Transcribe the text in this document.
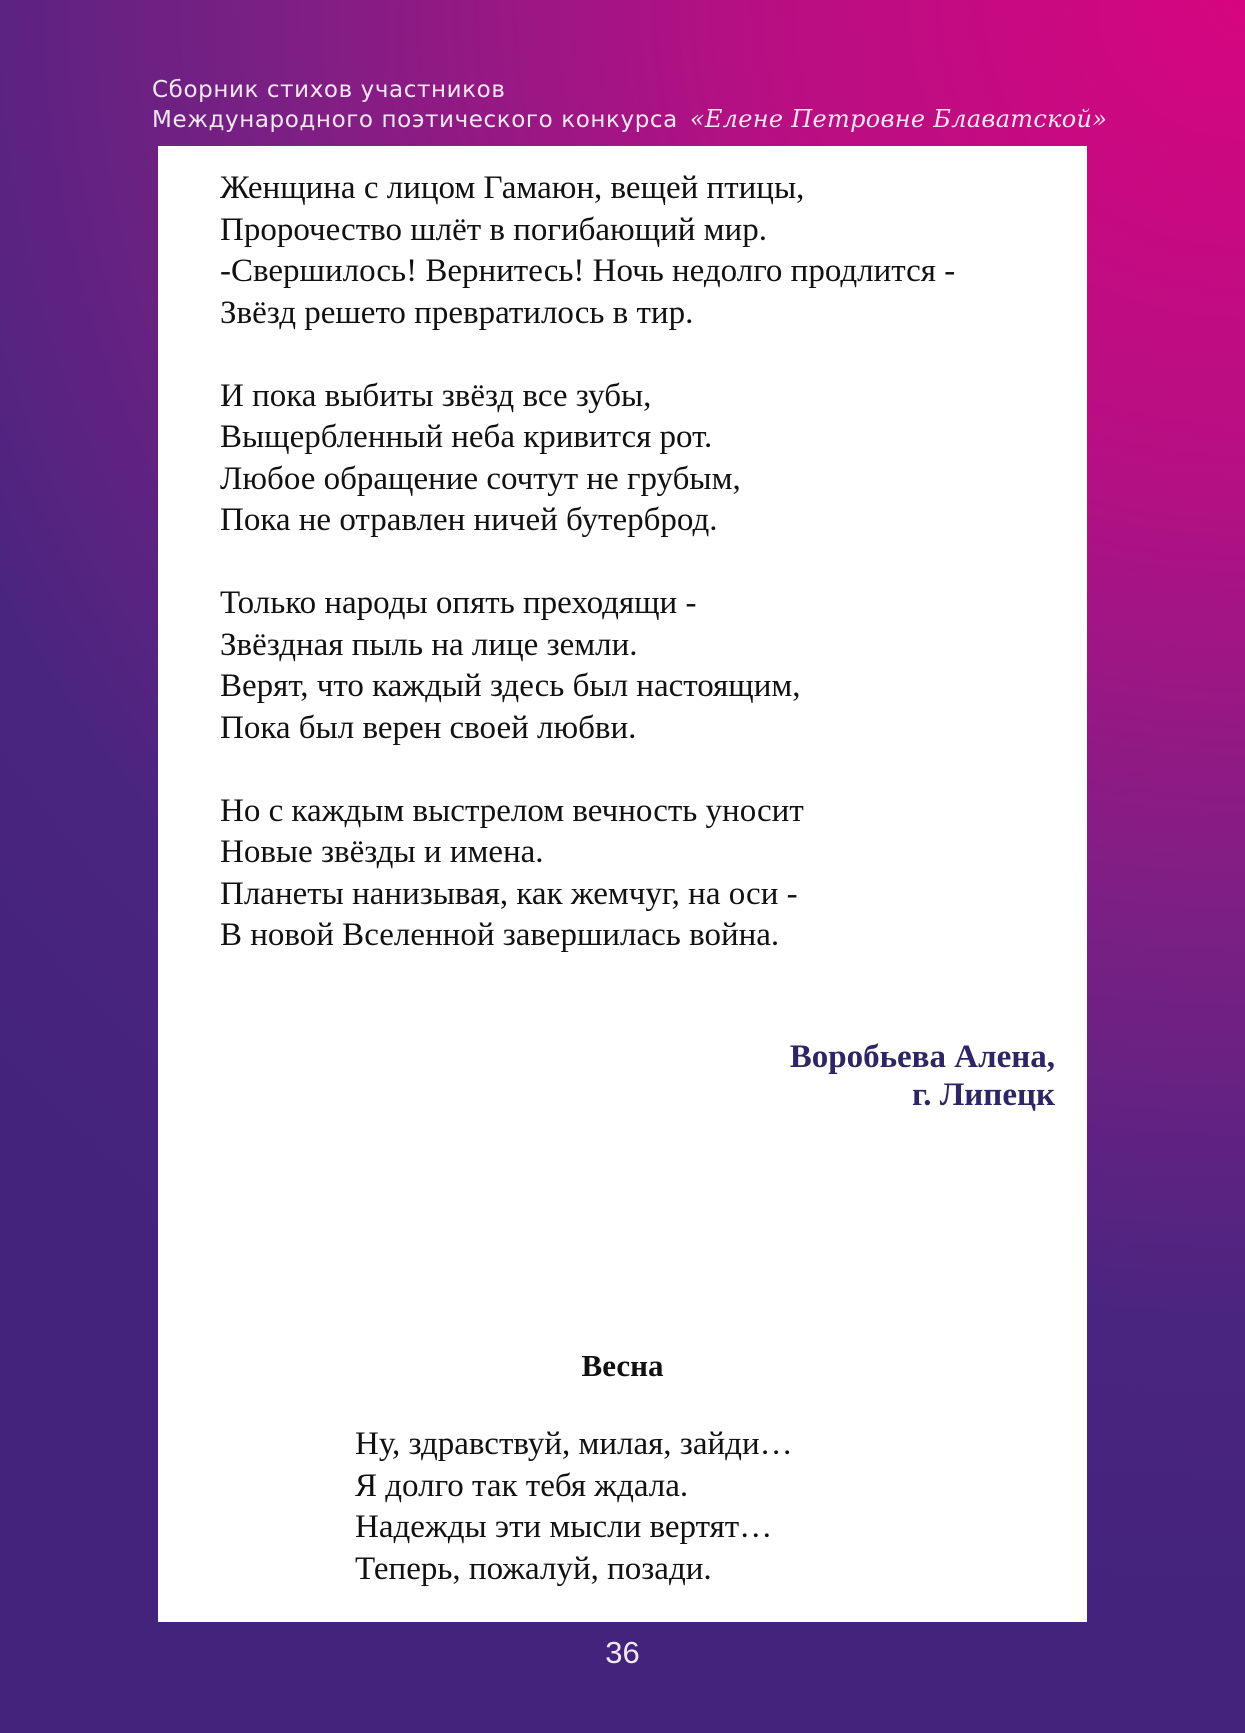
Сборник стихов участников
Международного поэтического конкурса «Елене Петровне Блаватской»
Женщина с лицом Гамаюн, вещей птицы,
Пророчество шлёт в погибающий мир.
-Свершилось! Вернитесь! Ночь недолго продлится -
Звёзд решето превратилось в тир.
И пока выбиты звёзд все зубы,
Выщербленный неба кривится рот.
Любое обращение сочтут не грубым,
Пока не отравлен ничей бутерброд.
Только народы опять преходящи -
Звёздная пыль на лице земли.
Верят, что каждый здесь был настоящим,
Пока был верен своей любви.
Но с каждым выстрелом вечность уносит
Новые звёзды и имена.
Планеты нанизывая, как жемчуг, на оси -
В новой Вселенной завершилась война.
Воробьева Алена,
г. Липецк
Весна
Ну, здравствуй, милая, зайди…
Я долго так тебя ждала.
Надежды эти мысли вертят…
Теперь, пожалуй, позади.
36
